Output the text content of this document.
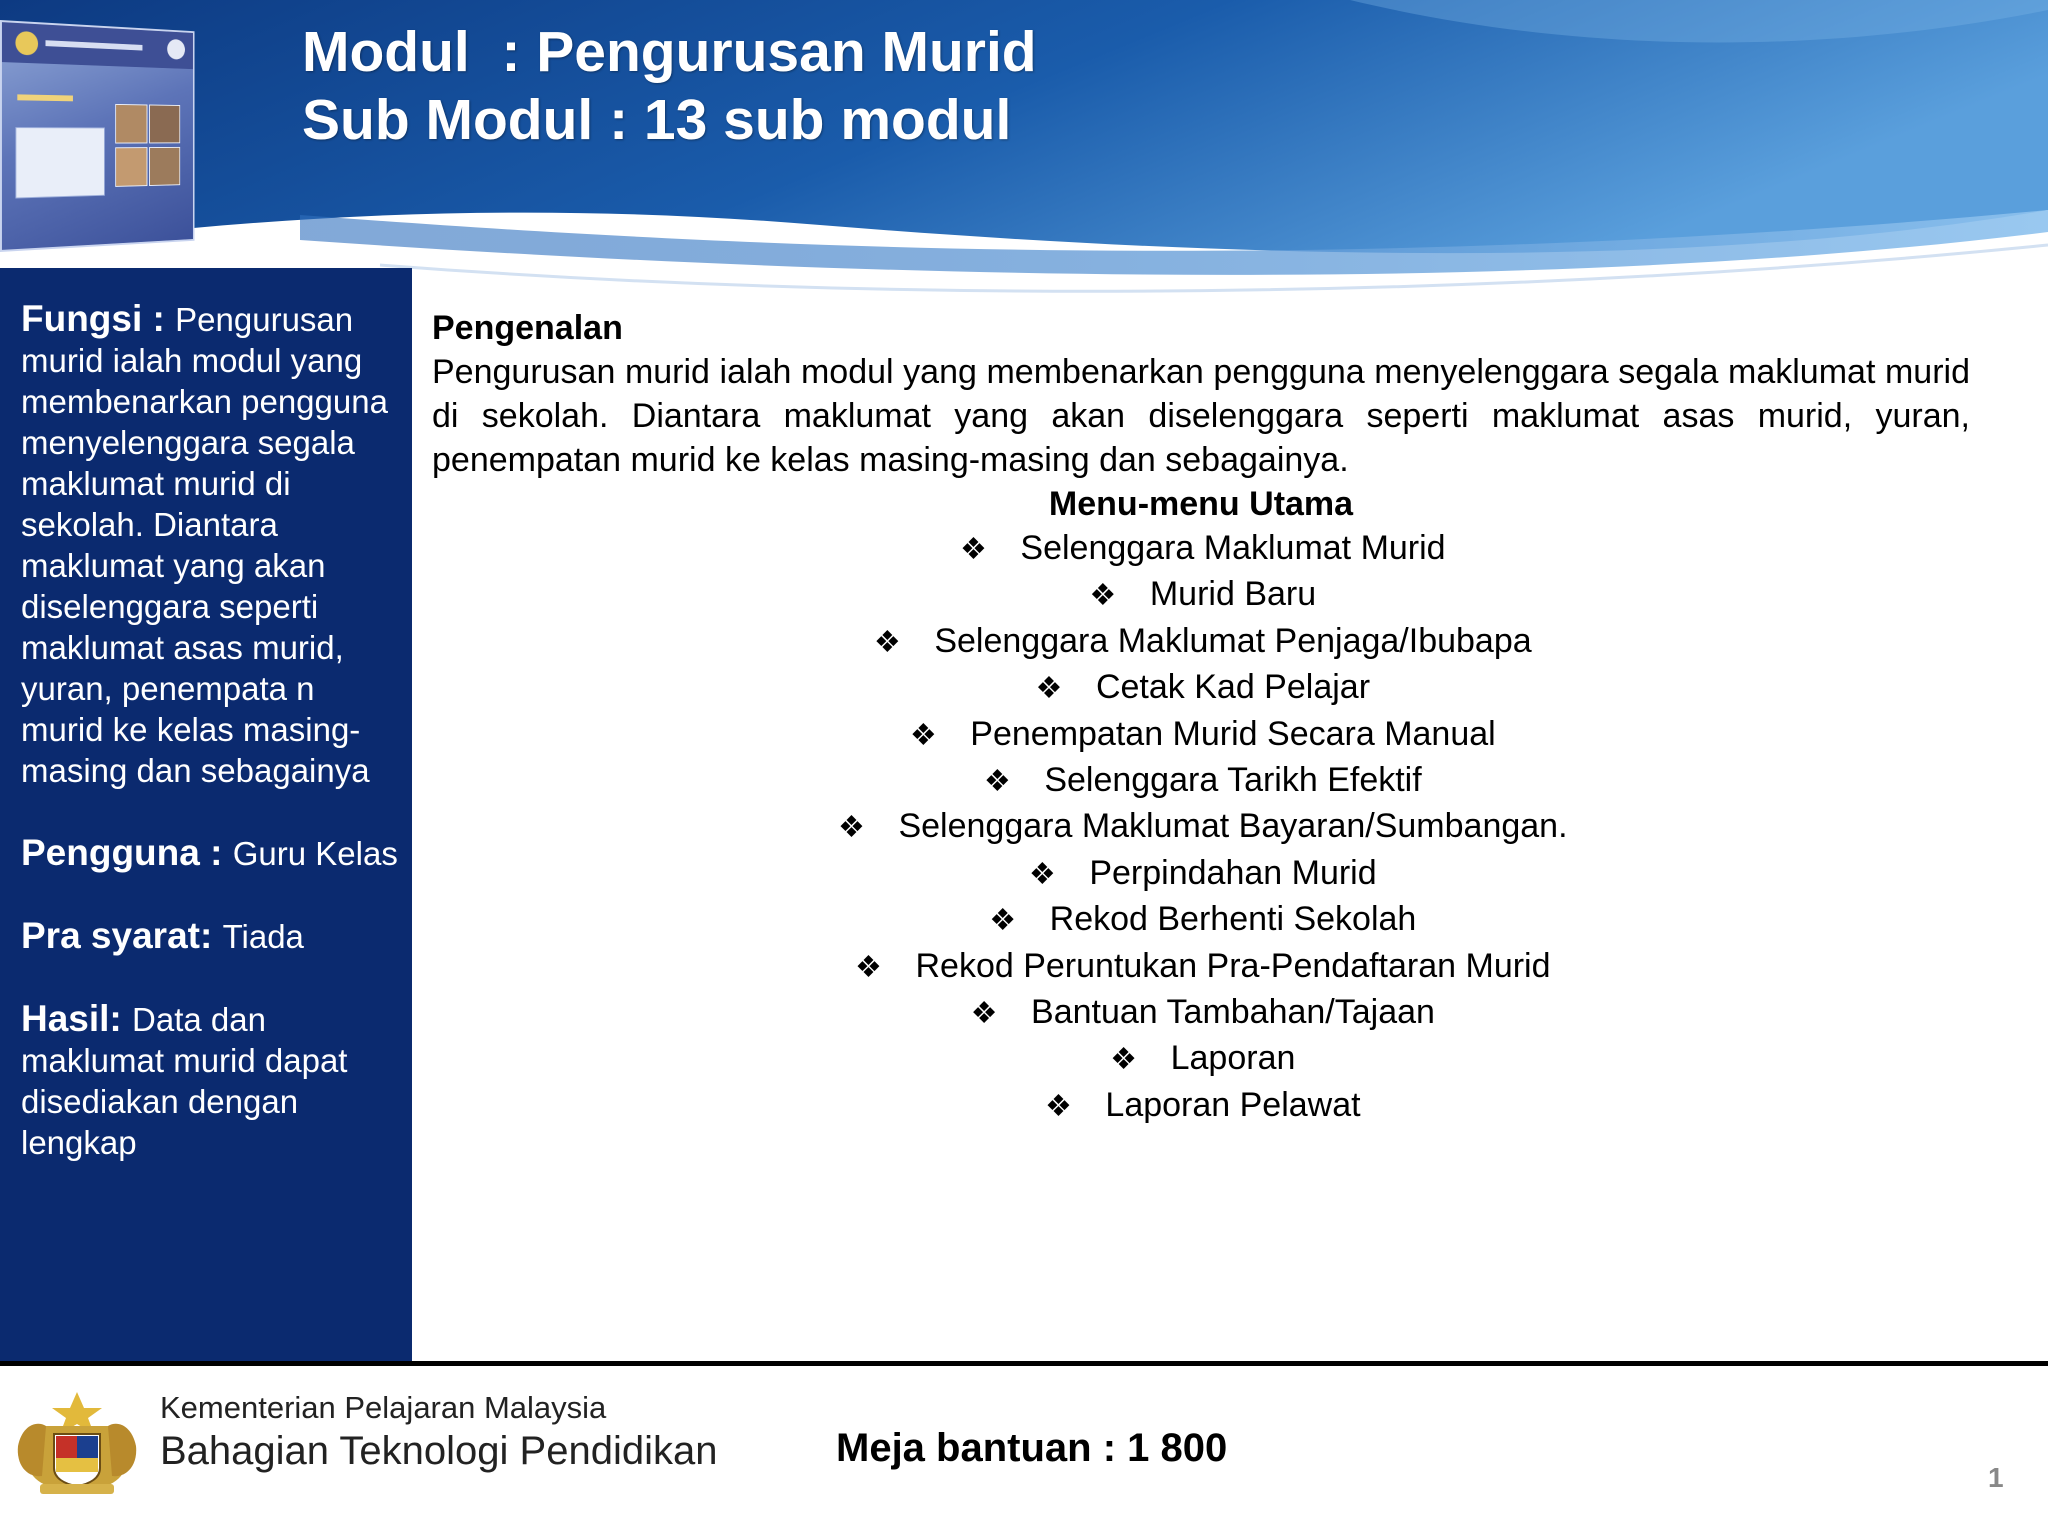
Modul  : Pengurusan Murid
Sub Modul : 13 sub modul

Fungsi : Pengurusan murid ialah modul yang membenarkan pengguna menyelenggara segala maklumat murid di sekolah. Diantara maklumat yang akan diselenggara seperti maklumat asas murid, yuran, penempata n murid ke kelas masing-masing dan sebagainya

Pengguna : Guru Kelas

Pra syarat: Tiada

Hasil: Data dan maklumat murid dapat disediakan dengan lengkap

Pengenalan
Pengurusan murid ialah modul yang membenarkan pengguna menyelenggara segala maklumat murid di sekolah. Diantara maklumat yang akan diselenggara seperti maklumat asas murid, yuran, penempatan murid ke kelas masing-masing dan sebagainya.
Menu-menu Utama
❖ Selenggara Maklumat Murid
❖ Murid Baru
❖ Selenggara Maklumat Penjaga/Ibubapa
❖ Cetak Kad Pelajar
❖ Penempatan Murid Secara Manual
❖ Selenggara Tarikh Efektif
❖ Selenggara Maklumat Bayaran/Sumbangan.
❖ Perpindahan Murid
❖ Rekod Berhenti Sekolah
❖ Rekod Peruntukan Pra-Pendaftaran Murid
❖ Bantuan Tambahan/Tajaan
❖ Laporan
❖ Laporan Pelawat
Kementerian Pelajaran Malaysia
Bahagian Teknologi Pendidikan	Meja bantuan : 1 800
1
